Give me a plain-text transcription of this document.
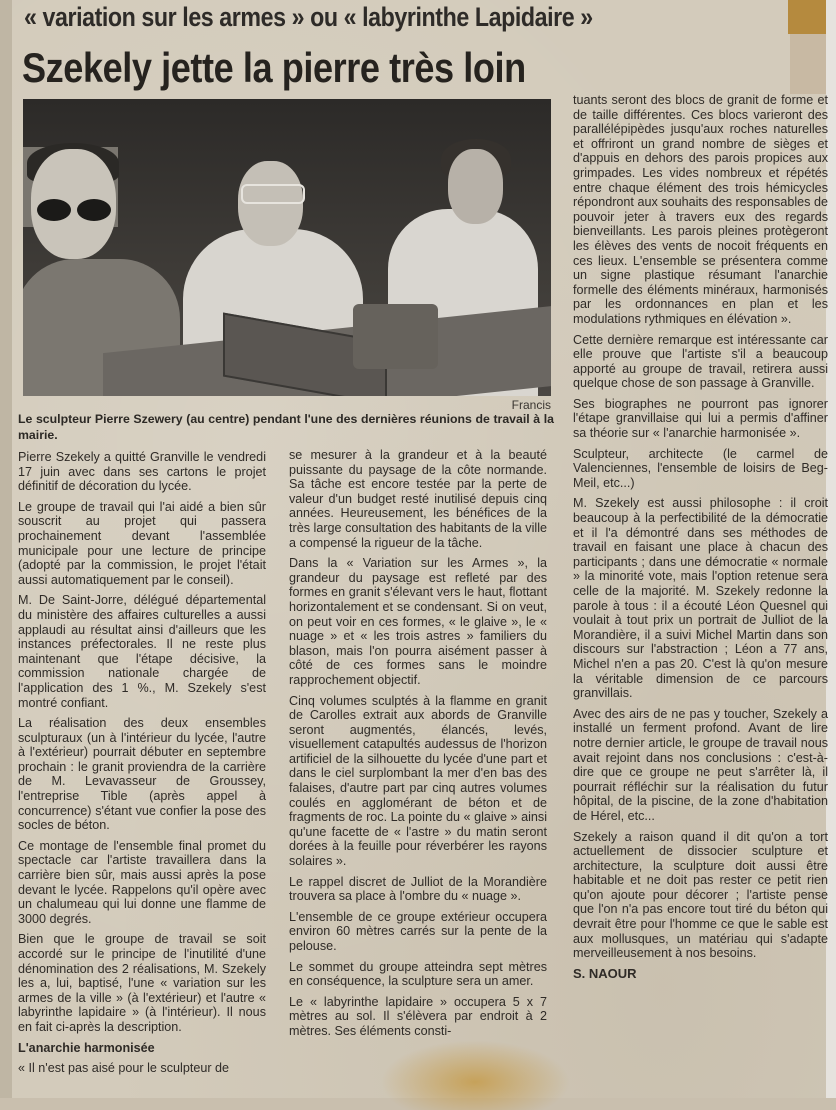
« variation sur les armes » ou « labyrinthe Lapidaire »
Szekely jette la pierre très loin
Francis
Le sculpteur Pierre Szewery (au centre) pendant l'une des dernières réunions de travail à la mairie.

Pierre Szekely a quitté Granville le vendredi 17 juin avec dans ses cartons le projet définitif de décoration du lycée.

Le groupe de travail qui l'ai aidé a bien sûr souscrit au projet qui passera prochainement devant l'assemblée municipale pour une lecture de principe (adopté par la commission, le projet l'était aussi automatiquement par le conseil).

M. De Saint-Jorre, délégué départemental du ministère des affaires culturelles a aussi applaudi au résultat ainsi d'ailleurs que les instances préfectorales. Il ne reste plus maintenant que l'étape décisive, la commission nationale chargée de l'application des 1 %., M. Szekely s'est montré confiant.

La réalisation des deux ensembles sculpturaux (un à l'intérieur du lycée, l'autre à l'extérieur) pourrait débuter en septembre prochain : le granit proviendra de la carrière de M. Levavasseur de Groussey, l'entreprise Tible (après appel à concurrence) s'étant vue confier la pose des socles de béton.

Ce montage de l'ensemble final promet du spectacle car l'artiste travaillera dans la carrière bien sûr, mais aussi après la pose devant le lycée. Rappelons qu'il opère avec un chalumeau qui lui donne une flamme de 3000 degrés.

Bien que le groupe de travail se soit accordé sur le principe de l'inutilité d'une dénomination des 2 réalisations, M. Szekely les a, lui, baptisé, l'une « variation sur les armes de la ville » (à l'extérieur) et l'autre « labyrinthe lapidaire » (à l'intérieur). Il nous en fait ci-après la description.

L'anarchie harmonisée

« Il n'est pas aisé pour le sculpteur de

se mesurer à la grandeur et à la beauté puissante du paysage de la côte normande. Sa tâche est encore testée par la perte de valeur d'un budget resté inutilisé depuis cinq années. Heureusement, les bénéfices de la très large consultation des habitants de la ville a compensé la rigueur de la tâche.

Dans la « Variation sur les Armes », la grandeur du paysage est refleté par des formes en granit s'élevant vers le haut, flottant horizontalement et se condensant. Si on veut, on peut voir en ces formes, « le glaive », le « nuage » et « les trois astres » familiers du blason, mais l'on pourra aisément passer à côté de ces formes sans le moindre rapprochement objectif.

Cinq volumes sculptés à la flamme en granit de Carolles extrait aux abords de Granville seront augmentés, élancés, levés, visuellement catapultés audessus de l'horizon artificiel de la silhouette du lycée d'une part et dans le ciel surplombant la mer d'en bas des falaises, d'autre part par cinq autres volumes coulés en agglomérant de béton et de fragments de roc. La pointe du « glaive » ainsi qu'une facette de « l'astre » du matin seront dorées à la feuille pour réverbérer les rayons solaires ».

Le rappel discret de Julliot de la Morandière trouvera sa place à l'ombre du « nuage ».

L'ensemble de ce groupe extérieur occupera environ 60 mètres carrés sur la pente de la pelouse.

Le sommet du groupe atteindra sept mètres en conséquence, la sculpture sera un amer.

Le « labyrinthe lapidaire » occupera 5 x 7 mètres au sol. Il s'élèvera par endroit à 2 mètres. Ses éléments consti-

tuants seront des blocs de granit de forme et de taille différentes. Ces blocs varieront des parallélépipèdes jusqu'aux roches naturelles et offriront un grand nombre de sièges et d'appuis en dehors des parois propices aux grimpades. Les vides nombreux et répétés entre chaque élément des trois hémicycles répondront aux souhaits des responsables de pouvoir jeter à travers eux des regards bienveillants. Les parois pleines protègeront les élèves des vents de nocoit fréquents en ces lieux. L'ensemble se présentera comme un signe plastique résumant l'anarchie formelle des éléments minéraux, harmonisés par les ordonnances en plan et les modulations rythmiques en élévation ».

Cette dernière remarque est intéressante car elle prouve que l'artiste s'il a beaucoup apporté au groupe de travail, retirera aussi quelque chose de son passage à Granville.

Ses biographes ne pourront pas ignorer l'étape granvillaise qui lui a permis d'affiner sa théorie sur « l'anarchie harmonisée ».

Sculpteur, architecte (le carmel de Valenciennes, l'ensemble de loisirs de Beg-Meil, etc...)

M. Szekely est aussi philosophe : il croit beaucoup à la perfectibilité de la démocratie et il l'a démontré dans ses méthodes de travail en faisant une place à chacun des participants ; dans une démocratie « normale » la minorité vote, mais l'option retenue sera celle de la majorité. M. Szekely redonne la parole à tous : il a écouté Léon Quesnel qui voulait à tout prix un portrait de Julliot de la Morandière, il a suivi Michel Martin dans son discours sur l'abstraction ; Léon a 77 ans, Michel n'en a pas 20. C'est là qu'on mesure la véritable dimension de ce parcours granvillais.

Avec des airs de ne pas y toucher, Szekely a installé un ferment profond. Avant de lire notre dernier article, le groupe de travail nous avait rejoint dans nos conclusions : c'est-à-dire que ce groupe ne peut s'arrêter là, il pourrait réfléchir sur la réalisation du futur hôpital, de la piscine, de la zone d'habitation de Hérel, etc...

Szekely a raison quand il dit qu'on a tort actuellement de dissocier sculpture et architecture, la sculpture doit aussi être habitable et ne doit pas rester ce petit rien qu'on ajoute pour décorer ; l'artiste pense que l'on n'a pas encore tout tiré du béton qui devrait être pour l'homme ce que le sable est aux mollusques, un matériau qui s'adapte merveilleusement à nos besoins.

S. NAOUR
